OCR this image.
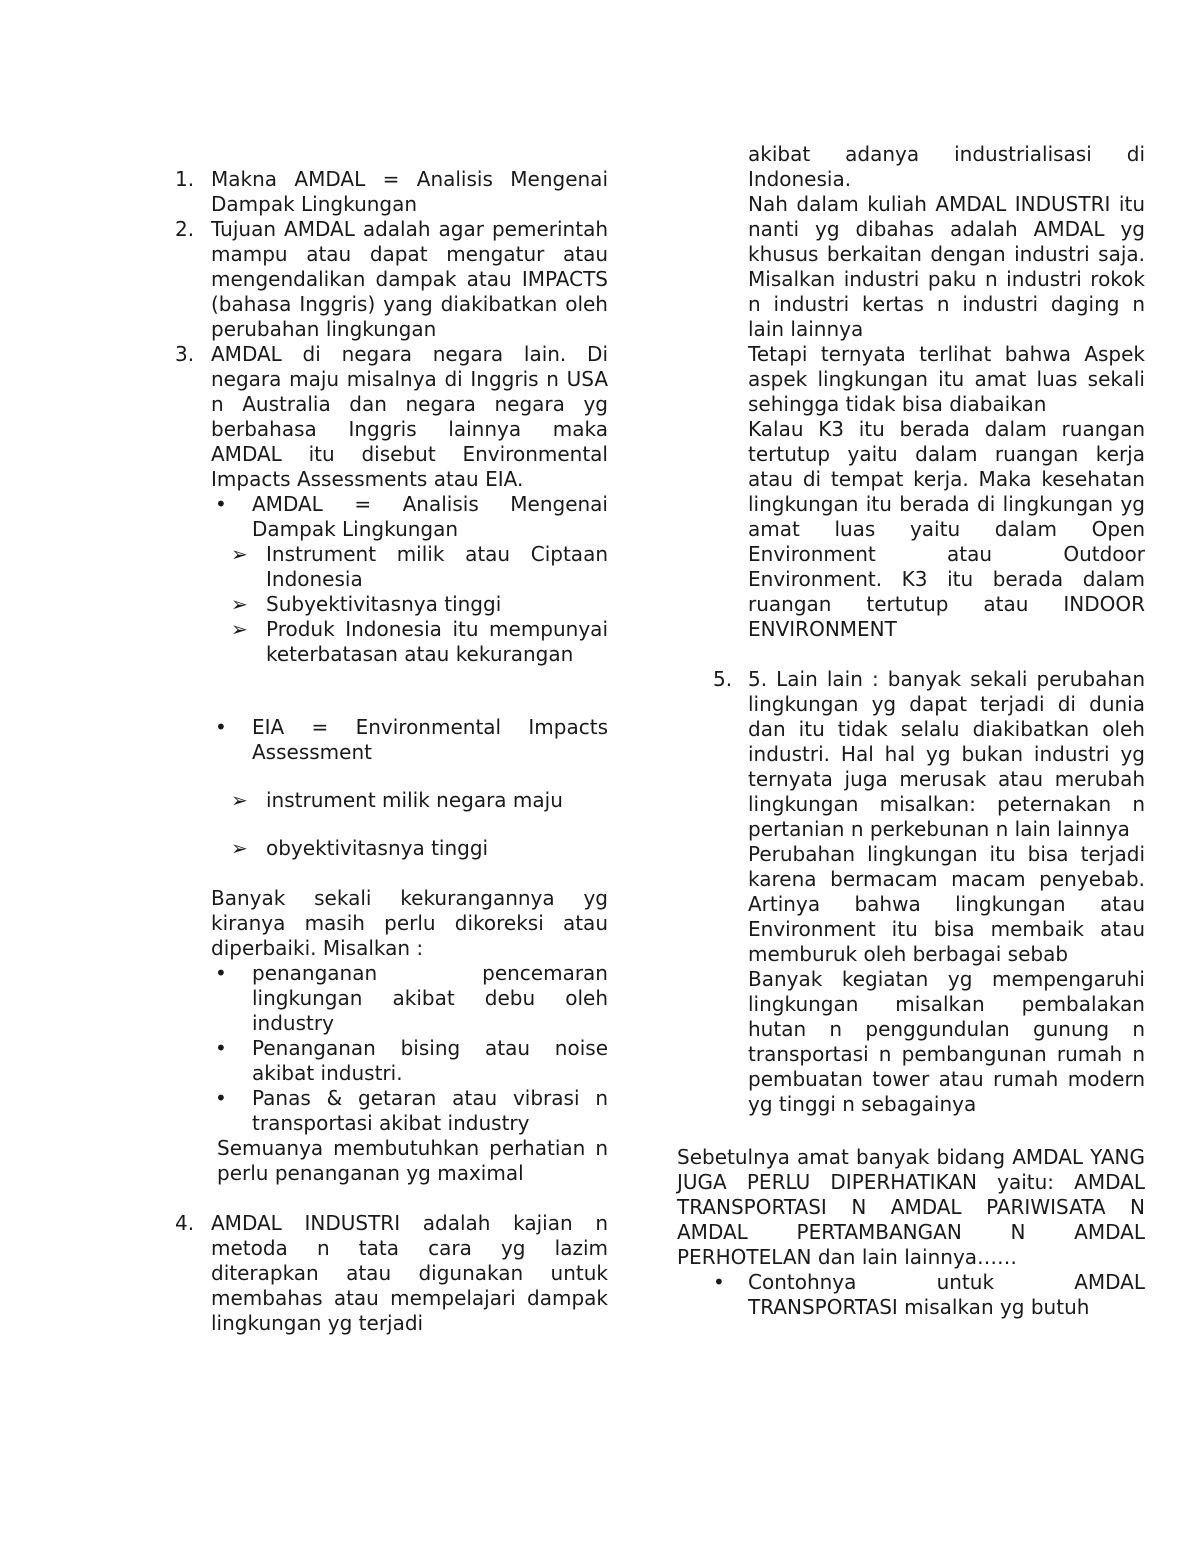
1. Makna AMDAL = Analisis Mengenai Dampak Lingkungan
2. Tujuan AMDAL adalah agar pemerintah mampu atau dapat mengatur atau mengendalikan dampak atau IMPACTS (bahasa Inggris) yang diakibatkan oleh perubahan lingkungan
3. AMDAL di negara negara lain. Di negara maju misalnya di Inggris n USA n Australia dan negara negara yg berbahasa Inggris lainnya maka AMDAL itu disebut Environmental Impacts Assessments atau EIA.
• AMDAL = Analisis Mengenai Dampak Lingkungan
➢ Instrument milik atau Ciptaan Indonesia
➢ Subyektivitasnya tinggi
➢ Produk Indonesia itu mempunyai keterbatasan atau kekurangan
• EIA = Environmental Impacts Assessment
➢ instrument milik negara maju
➢ obyektivitasnya tinggi
Banyak sekali kekurangannya yg kiranya masih perlu dikoreksi atau diperbaiki. Misalkan :
• penanganan pencemaran lingkungan akibat debu oleh industry
• Penanganan bising atau noise akibat industri.
• Panas & getaran atau vibrasi n transportasi akibat industry
Semuanya membutuhkan perhatian n perlu penanganan yg maximal
4. AMDAL INDUSTRI adalah kajian n metoda n tata cara yg lazim diterapkan atau digunakan untuk membahas atau mempelajari dampak lingkungan yg terjadi
akibat adanya industrialisasi di Indonesia.
Nah dalam kuliah AMDAL INDUSTRI itu nanti yg dibahas adalah AMDAL yg khusus berkaitan dengan industri saja. Misalkan industri paku n industri rokok n industri kertas n industri daging n lain lainnya
Tetapi ternyata terlihat bahwa Aspek aspek lingkungan itu amat luas sekali sehingga tidak bisa diabaikan
Kalau K3 itu berada dalam ruangan tertutup yaitu dalam ruangan kerja atau di tempat kerja. Maka kesehatan lingkungan itu berada di lingkungan yg amat luas yaitu dalam Open Environment atau Outdoor Environment. K3 itu berada dalam ruangan tertutup atau INDOOR ENVIRONMENT
5. 5. Lain lain : banyak sekali perubahan lingkungan yg dapat terjadi di dunia dan itu tidak selalu diakibatkan oleh industri. Hal hal yg bukan industri yg ternyata juga merusak atau merubah lingkungan misalkan: peternakan n pertanian n perkebunan n lain lainnya
Perubahan lingkungan itu bisa terjadi karena bermacam macam penyebab. Artinya bahwa lingkungan atau Environment itu bisa membaik atau memburuk oleh berbagai sebab
Banyak kegiatan yg mempengaruhi lingkungan misalkan pembalakan hutan n penggundulan gunung n transportasi n pembangunan rumah n pembuatan tower atau rumah modern yg tinggi n sebagainya
Sebetulnya amat banyak bidang AMDAL YANG JUGA PERLU DIPERHATIKAN yaitu: AMDAL TRANSPORTASI N AMDAL PARIWISATA N AMDAL PERTAMBANGAN N AMDAL PERHOTELAN dan lain lainnya……
• Contohnya untuk AMDAL TRANSPORTASI misalkan yg butuh
